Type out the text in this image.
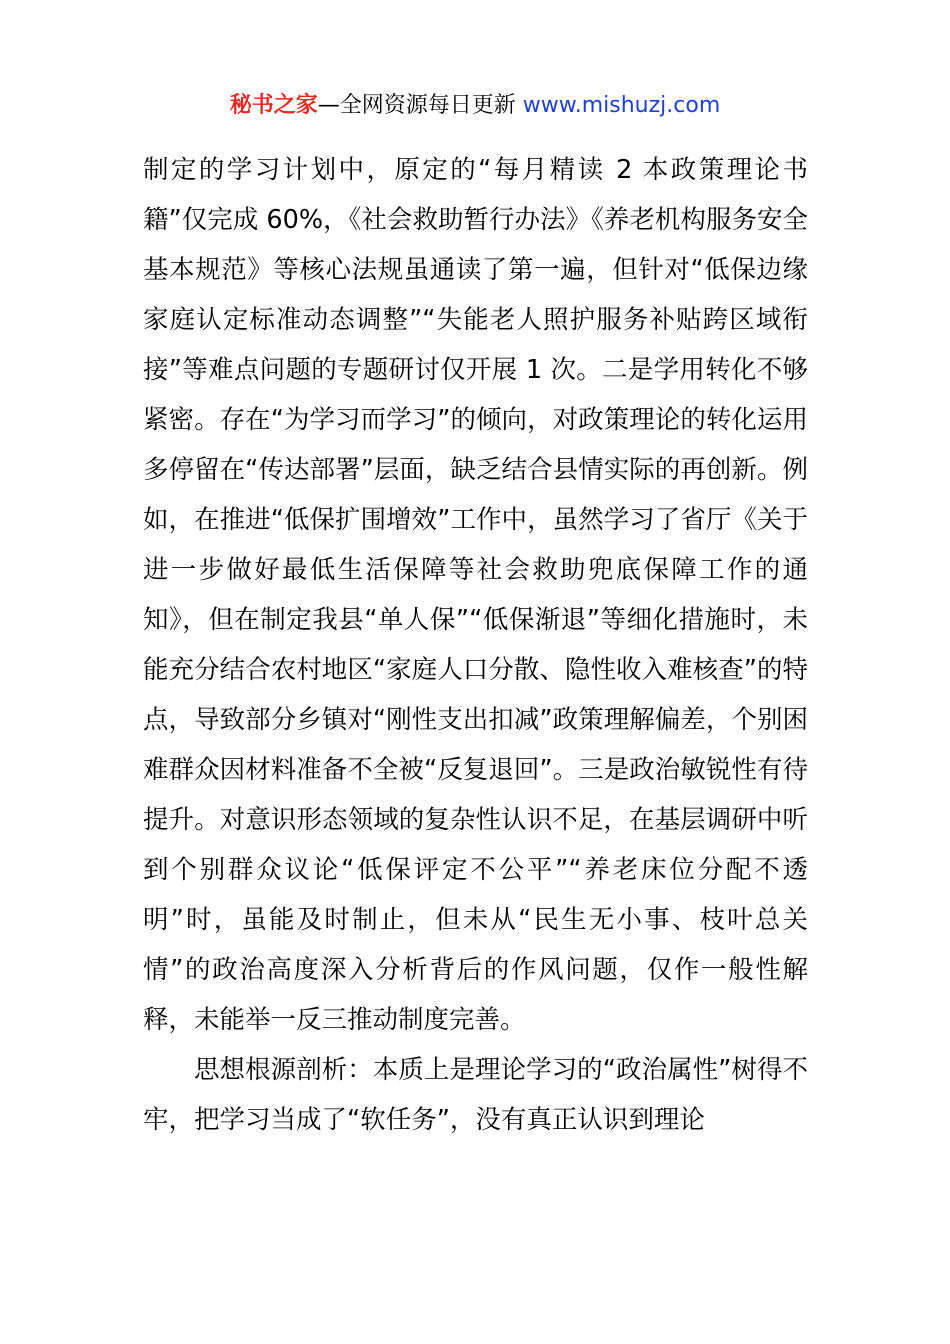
秘书之家—全网资源每日更新 www.mishuzj.com

制定的学习计划中，原定的“每月精读 2 本政策理论书籍”仅完成 60%，《社会救助暂行办法》《养老机构服务安全基本规范》等核心法规虽通读了第一遍，但针对“低保边缘家庭认定标准动态调整”“失能老人照护服务补贴跨区域衔接”等难点问题的专题研讨仅开展 1 次。二是学用转化不够紧密。存在“为学习而学习”的倾向，对政策理论的转化运用多停留在“传达部署”层面，缺乏结合县情实际的再创新。例如，在推进“低保扩围增效”工作中，虽然学习了省厅《关于进一步做好最低生活保障等社会救助兜底保障工作的通知》，但在制定我县“单人保”“低保渐退”等细化措施时，未能充分结合农村地区“家庭人口分散、隐性收入难核查”的特点，导致部分乡镇对“刚性支出扣减”政策理解偏差，个别困难群众因材料准备不全被“反复退回”。三是政治敏锐性有待提升。对意识形态领域的复杂性认识不足，在基层调研中听到个别群众议论“低保评定不公平”“养老床位分配不透明”时，虽能及时制止，但未从“民生无小事、枝叶总关情”的政治高度深入分析背后的作风问题，仅作一般性解释，未能举一反三推动制度完善。

思想根源剖析：本质上是理论学习的“政治属性”树得不牢，把学习当成了“软任务”，没有真正认识到理论
